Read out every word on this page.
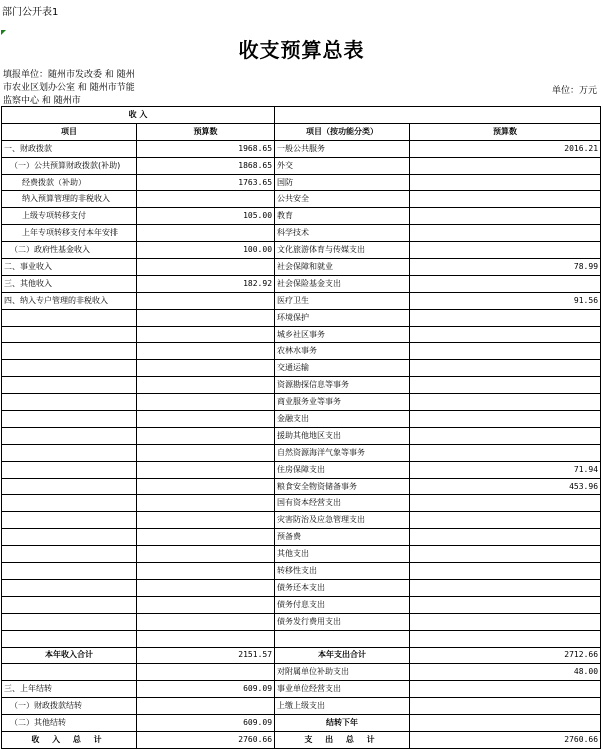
部门公开表1
收支预算总表
填报单位：随州市发改委 和 随州市农业区划办公室 和 随州市节能监察中心 和 随州市
单位：万元
收 入			
项目	预算数	项目（按功能分类）	预算数
一、财政拨款	1968.65	一般公共服务	2016.21
（一）公共预算财政拨款(补助)	1868.65	外交	
经费拨款（补助）	1763.65	国防	
纳入预算管理的非税收入		公共安全	
上级专项转移支付	105.00	教育	
上年专项转移支付本年安排		科学技术	
（二）政府性基金收入	100.00	文化旅游体育与传媒支出	
二、事业收入		社会保障和就业	78.99
三、其他收入	182.92	社会保险基金支出	
四、纳入专户管理的非税收入		医疗卫生	91.56
		环境保护	
		城乡社区事务	
		农林水事务	
		交通运输	
		资源勘探信息等事务	
		商业服务业等事务	
		金融支出	
		援助其他地区支出	
		自然资源海洋气象等事务	
		住房保障支出	71.94
		粮食安全物资储备事务	453.96
		国有资本经营支出	
		灾害防治及应急管理支出	
		预备费	
		其他支出	
		转移性支出	
		债务还本支出	
		债务付息支出	
		债务发行费用支出	

本年收入合计	2151.57	本年支出合计	2712.66
		对附属单位补助支出	48.00
三、上年结转	609.09	事业单位经营支出	
（一）财政拨款结转		上缴上级支出	
（二）其他结转	609.09	结转下年	
收 入 总 计	2760.66	支 出 总 计	2760.66
